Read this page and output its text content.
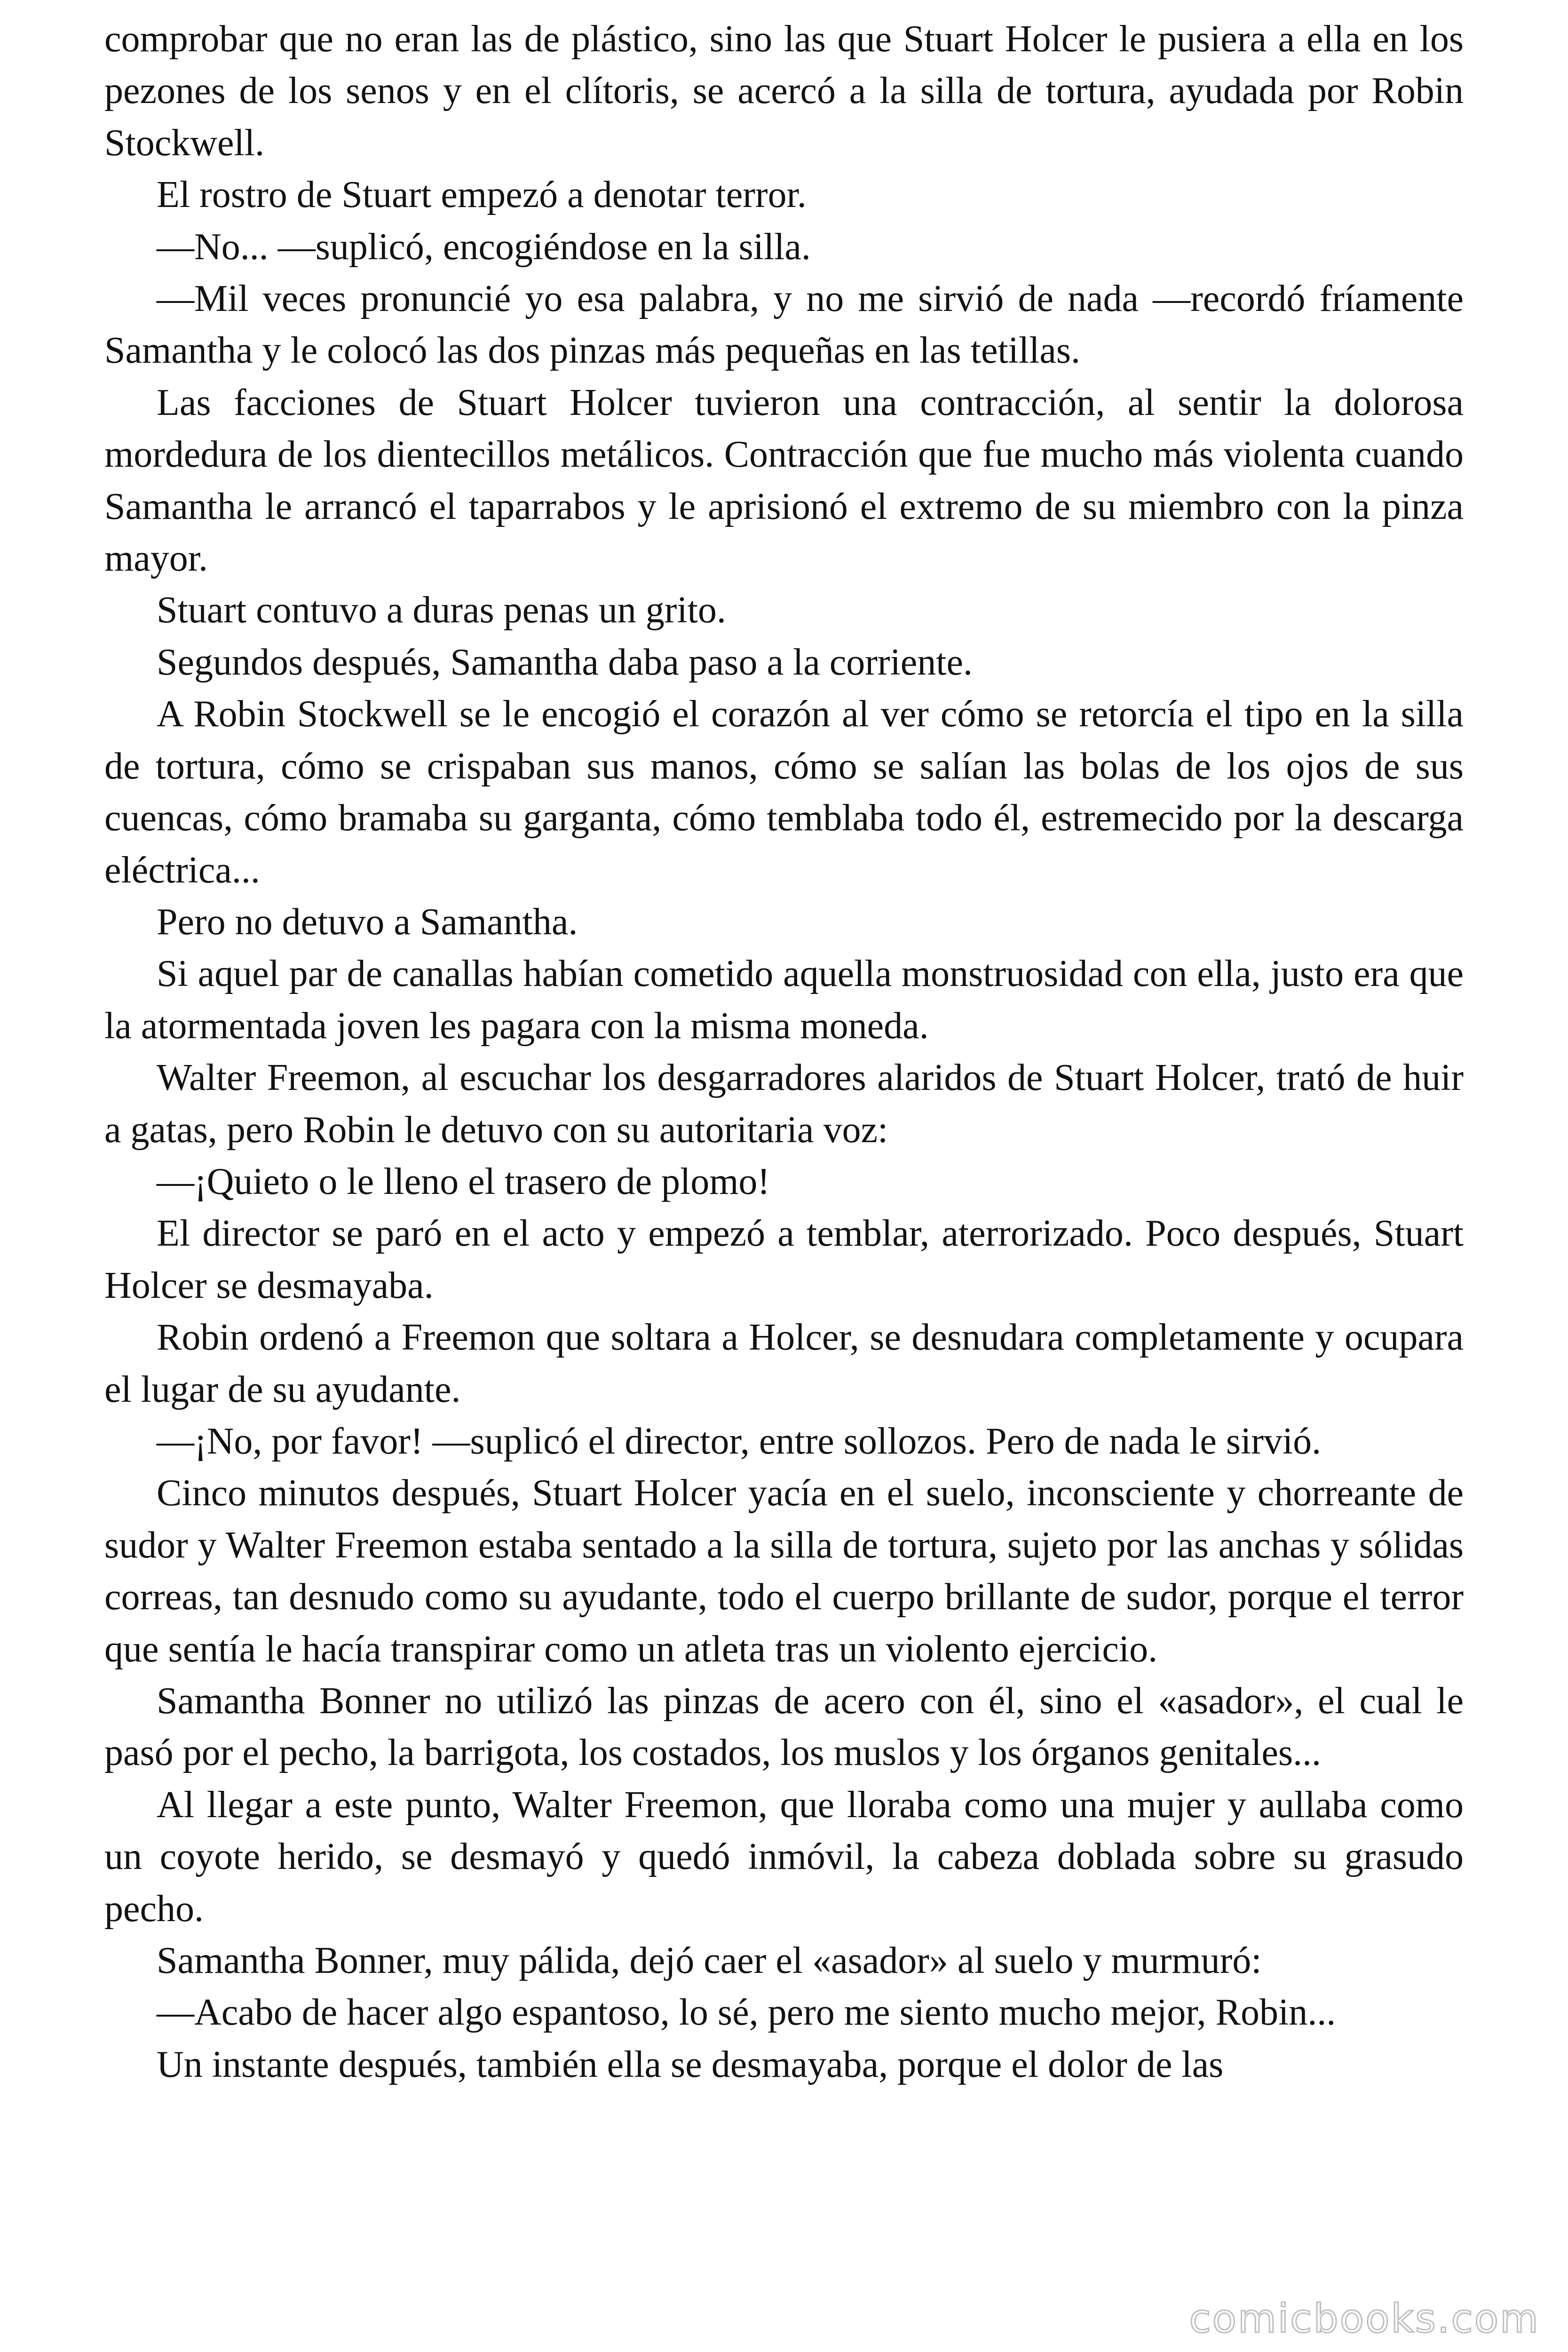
comprobar que no eran las de plástico, sino las que Stuart Holcer le pusiera a ella en los pezones de los senos y en el clítoris, se acercó a la silla de tortura, ayudada por Robin Stockwell.

El rostro de Stuart empezó a denotar terror.

—No... —suplicó, encogiéndose en la silla.

—Mil veces pronuncié yo esa palabra, y no me sirvió de nada —recordó fríamente Samantha y le colocó las dos pinzas más pequeñas en las tetillas.

Las facciones de Stuart Holcer tuvieron una contracción, al sentir la dolorosa mordedura de los dientecillos metálicos. Contracción que fue mucho más violenta cuando Samantha le arrancó el taparrabos y le aprisionó el extremo de su miembro con la pinza mayor.

Stuart contuvo a duras penas un grito.

Segundos después, Samantha daba paso a la corriente.

A Robin Stockwell se le encogió el corazón al ver cómo se retorcía el tipo en la silla de tortura, cómo se crispaban sus manos, cómo se salían las bolas de los ojos de sus cuencas, cómo bramaba su garganta, cómo temblaba todo él, estremecido por la descarga eléctrica...

Pero no detuvo a Samantha.

Si aquel par de canallas habían cometido aquella monstruosidad con ella, justo era que la atormentada joven les pagara con la misma moneda.

Walter Freemon, al escuchar los desgarradores alaridos de Stuart Holcer, trató de huir a gatas, pero Robin le detuvo con su autoritaria voz:

—¡Quieto o le lleno el trasero de plomo!

El director se paró en el acto y empezó a temblar, aterrorizado. Poco después, Stuart Holcer se desmayaba.

Robin ordenó a Freemon que soltara a Holcer, se desnudara completamente y ocupara el lugar de su ayudante.

—¡No, por favor! —suplicó el director, entre sollozos. Pero de nada le sirvió.

Cinco minutos después, Stuart Holcer yacía en el suelo, inconsciente y chorreante de sudor y Walter Freemon estaba sentado a la silla de tortura, sujeto por las anchas y sólidas correas, tan desnudo como su ayudante, todo el cuerpo brillante de sudor, porque el terror que sentía le hacía transpirar como un atleta tras un violento ejercicio.

Samantha Bonner no utilizó las pinzas de acero con él, sino el «asador», el cual le pasó por el pecho, la barrigota, los costados, los muslos y los órganos genitales...

Al llegar a este punto, Walter Freemon, que lloraba como una mujer y aullaba como un coyote herido, se desmayó y quedó inmóvil, la cabeza doblada sobre su grasudo pecho.

Samantha Bonner, muy pálida, dejó caer el «asador» al suelo y murmuró:

—Acabo de hacer algo espantoso, lo sé, pero me siento mucho mejor, Robin...

Un instante después, también ella se desmayaba, porque el dolor de las

comicbooks.com
